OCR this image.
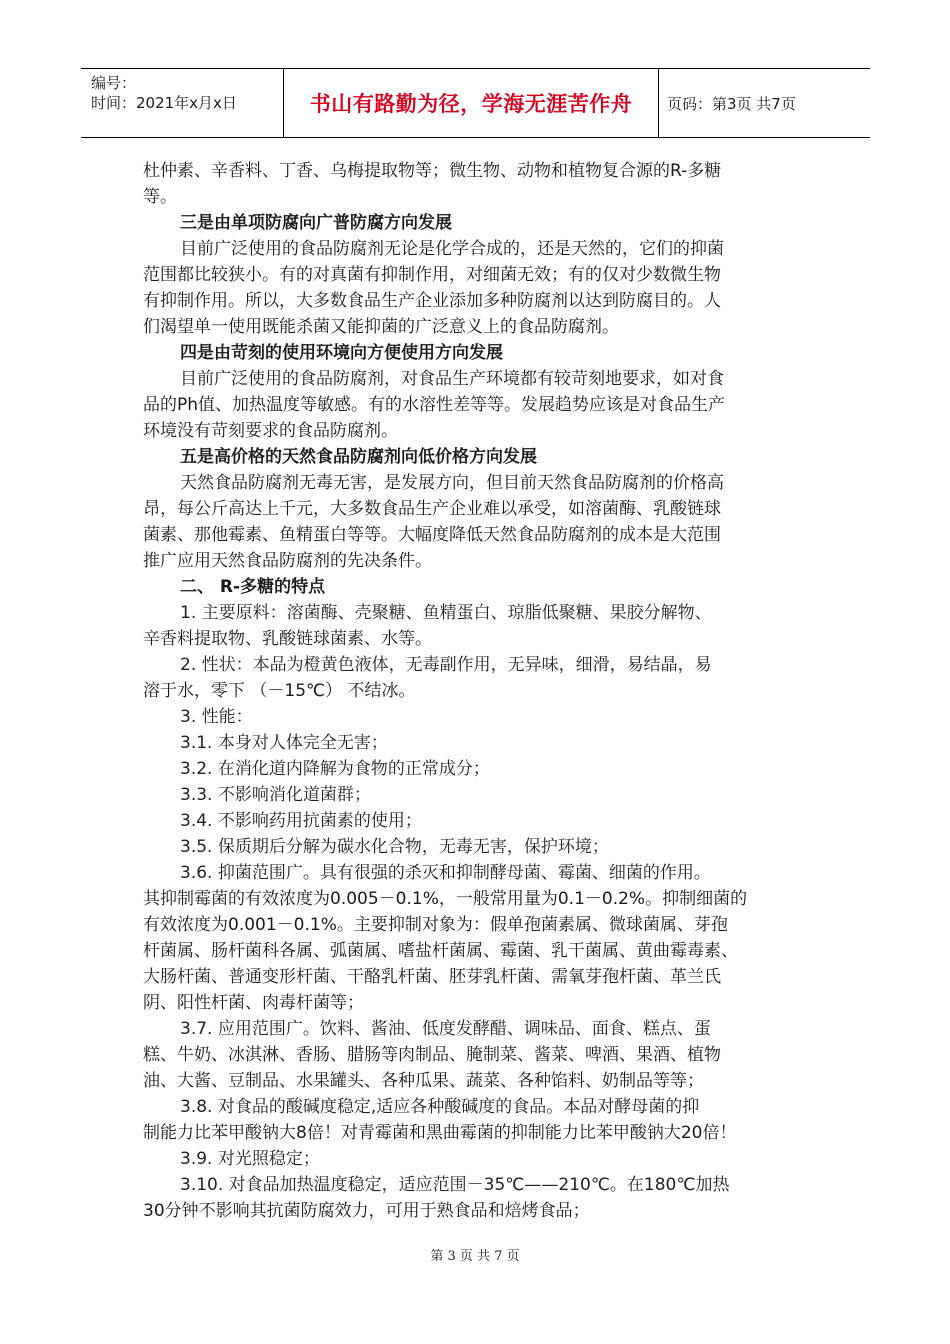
编号：
时间：2021年x月x日	书山有路勤为径，学海无涯苦作舟	页码：第3页 共7页
杜仲素、辛香料、丁香、乌梅提取物等；微生物、动物和植物复合源的R-多糖
等。
三是由单项防腐向广普防腐方向发展
目前广泛使用的食品防腐剂无论是化学合成的，还是天然的，它们的抑菌
范围都比较狭小。有的对真菌有抑制作用，对细菌无效；有的仅对少数微生物
有抑制作用。所以，大多数食品生产企业添加多种防腐剂以达到防腐目的。人
们渴望单一使用既能杀菌又能抑菌的广泛意义上的食品防腐剂。
四是由苛刻的使用环境向方便使用方向发展
目前广泛使用的食品防腐剂，对食品生产环境都有较苛刻地要求，如对食
品的Ph值、加热温度等敏感。有的水溶性差等等。发展趋势应该是对食品生产
环境没有苛刻要求的食品防腐剂。
五是高价格的天然食品防腐剂向低价格方向发展
天然食品防腐剂无毒无害，是发展方向，但目前天然食品防腐剂的价格高
昂，每公斤高达上千元，大多数食品生产企业难以承受，如溶菌酶、乳酸链球
菌素、那他霉素、鱼精蛋白等等。大幅度降低天然食品防腐剂的成本是大范围
推广应用天然食品防腐剂的先决条件。
二、 R-多糖的特点
1. 主要原料：溶菌酶、壳聚糖、鱼精蛋白、琼脂低聚糖、果胶分解物、
辛香料提取物、乳酸链球菌素、水等。
2. 性状：本品为橙黄色液体，无毒副作用，无异味，细滑，易结晶，易
溶于水，零下 （－15℃） 不结冰。
3. 性能：
3.1. 本身对人体完全无害；
3.2. 在消化道内降解为食物的正常成分；
3.3. 不影响消化道菌群；
3.4. 不影响药用抗菌素的使用；
3.5. 保质期后分解为碳水化合物，无毒无害，保护环境；
3.6. 抑菌范围广。具有很强的杀灭和抑制酵母菌、霉菌、细菌的作用。
其抑制霉菌的有效浓度为0.005－0.1%，一般常用量为0.1－0.2%。抑制细菌的
有效浓度为0.001－0.1%。主要抑制对象为：假单孢菌素属、微球菌属、芽孢
杆菌属、肠杆菌科各属、弧菌属、嗜盐杆菌属、霉菌、乳干菌属、黄曲霉毒素、
大肠杆菌、普通变形杆菌、干酪乳杆菌、胚芽乳杆菌、需氧芽孢杆菌、革兰氏
阴、阳性杆菌、肉毒杆菌等；
3.7. 应用范围广。饮料、酱油、低度发酵醋、调味品、面食、糕点、蛋
糕、牛奶、冰淇淋、香肠、腊肠等肉制品、腌制菜、酱菜、啤酒、果酒、植物
油、大酱、豆制品、水果罐头、各种瓜果、蔬菜、各种馅料、奶制品等等；
3.8. 对食品的酸碱度稳定,适应各种酸碱度的食品。本品对酵母菌的抑
制能力比苯甲酸钠大8倍！对青霉菌和黑曲霉菌的抑制能力比苯甲酸钠大20倍！
3.9. 对光照稳定；
3.10. 对食品加热温度稳定，适应范围－35℃——210℃。在180℃加热
30分钟不影响其抗菌防腐效力，可用于熟食品和焙烤食品；
第 3 页 共 7 页
